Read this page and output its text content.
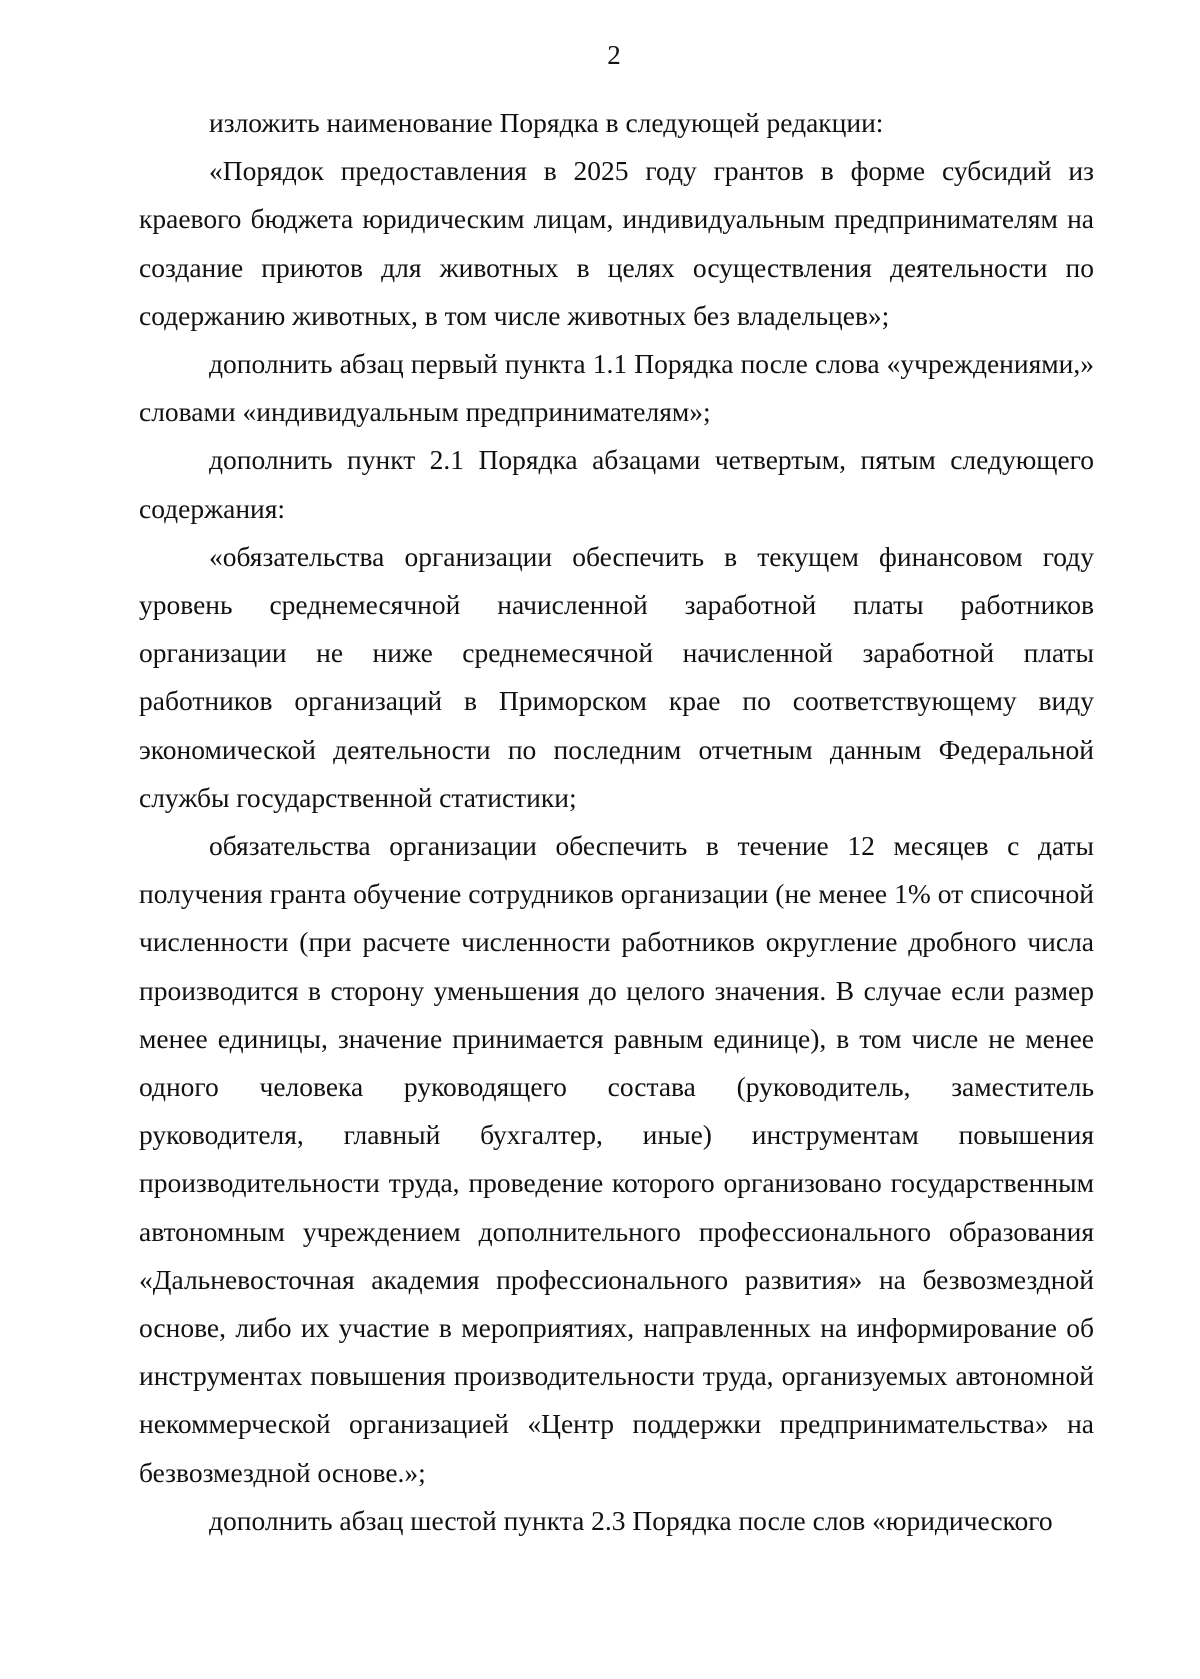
2

изложить наименование Порядка в следующей редакции:

«Порядок предоставления в 2025 году грантов в форме субсидий из краевого бюджета юридическим лицам, индивидуальным предпринимателям на создание приютов для животных в целях осуществления деятельности по содержанию животных, в том числе животных без владельцев»;

дополнить абзац первый пункта 1.1 Порядка после слова «учреждениями,» словами «индивидуальным предпринимателям»;

дополнить пункт 2.1 Порядка абзацами четвертым, пятым следующего содержания:

«обязательства организации обеспечить в текущем финансовом году уровень среднемесячной начисленной заработной платы работников организации не ниже среднемесячной начисленной заработной платы работников организаций в Приморском крае по соответствующему виду экономической деятельности по последним отчетным данным Федеральной службы государственной статистики;

обязательства организации обеспечить в течение 12 месяцев с даты получения гранта обучение сотрудников организации (не менее 1% от списочной численности (при расчете численности работников округление дробного числа производится в сторону уменьшения до целого значения. В случае если размер менее единицы, значение принимается равным единице), в том числе не менее одного человека руководящего состава (руководитель, заместитель руководителя, главный бухгалтер, иные) инструментам повышения производительности труда, проведение которого организовано государственным автономным учреждением дополнительного профессионального образования «Дальневосточная академия профессионального развития» на безвозмездной основе, либо их участие в мероприятиях, направленных на информирование об инструментах повышения производительности труда, организуемых автономной некоммерческой организацией «Центр поддержки предпринимательства» на безвозмездной основе.»;

дополнить абзац шестой пункта 2.3 Порядка после слов «юридического
